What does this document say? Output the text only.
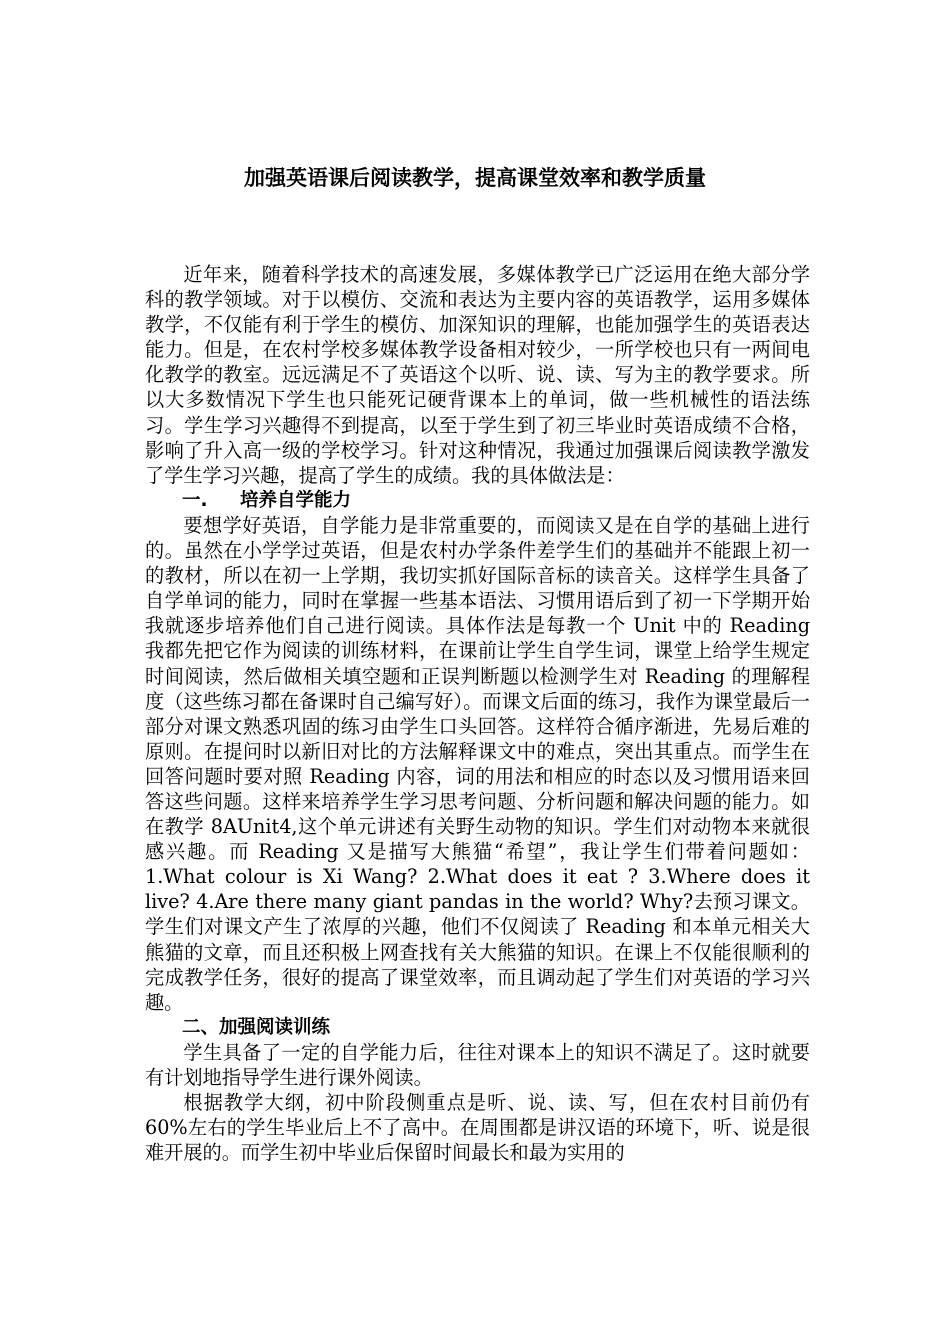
加强英语课后阅读教学，提高课堂效率和教学质量

近年来，随着科学技术的高速发展，多媒体教学已广泛运用在绝大部分学科的教学领域。对于以模仿、交流和表达为主要内容的英语教学，运用多媒体教学，不仅能有利于学生的模仿、加深知识的理解，也能加强学生的英语表达能力。但是，在农村学校多媒体教学设备相对较少，一所学校也只有一两间电化教学的教室。远远满足不了英语这个以听、说、读、写为主的教学要求。所以大多数情况下学生也只能死记硬背课本上的单词，做一些机械性的语法练习。学生学习兴趣得不到提高，以至于学生到了初三毕业时英语成绩不合格，影响了升入高一级的学校学习。针对这种情况，我通过加强课后阅读教学激发了学生学习兴趣，提高了学生的成绩。我的具体做法是：

一. 培养自学能力

要想学好英语，自学能力是非常重要的，而阅读又是在自学的基础上进行的。虽然在小学学过英语，但是农村办学条件差学生们的基础并不能跟上初一的教材，所以在初一上学期，我切实抓好国际音标的读音关。这样学生具备了自学单词的能力，同时在掌握一些基本语法、习惯用语后到了初一下学期开始我就逐步培养他们自己进行阅读。具体作法是每教一个 Unit 中的 Reading 我都先把它作为阅读的训练材料，在课前让学生自学生词，课堂上给学生规定时间阅读，然后做相关填空题和正误判断题以检测学生对 Reading 的理解程度（这些练习都在备课时自己编写好）。而课文后面的练习，我作为课堂最后一部分对课文熟悉巩固的练习由学生口头回答。这样符合循序渐进，先易后难的原则。在提问时以新旧对比的方法解释课文中的难点，突出其重点。而学生在回答问题时要对照 Reading 内容，词的用法和相应的时态以及习惯用语来回答这些问题。这样来培养学生学习思考问题、分析问题和解决问题的能力。如在教学 8AUnit4,这个单元讲述有关野生动物的知识。学生们对动物本来就很感兴趣。而 Reading 又是描写大熊猫“希望”，我让学生们带着问题如：1.What colour is Xi Wang? 2.What does it eat ? 3.Where does it live? 4.Are there many giant pandas in the world? Why?去预习课文。学生们对课文产生了浓厚的兴趣，他们不仅阅读了 Reading 和本单元相关大熊猫的文章，而且还积极上网查找有关大熊猫的知识。在课上不仅能很顺利的完成教学任务，很好的提高了课堂效率，而且调动起了学生们对英语的学习兴趣。

二、加强阅读训练

学生具备了一定的自学能力后，往往对课本上的知识不满足了。这时就要有计划地指导学生进行课外阅读。

根据教学大纲，初中阶段侧重点是听、说、读、写，但在农村目前仍有 60%左右的学生毕业后上不了高中。在周围都是讲汉语的环境下，听、说是很难开展的。而学生初中毕业后保留时间最长和最为实用的
